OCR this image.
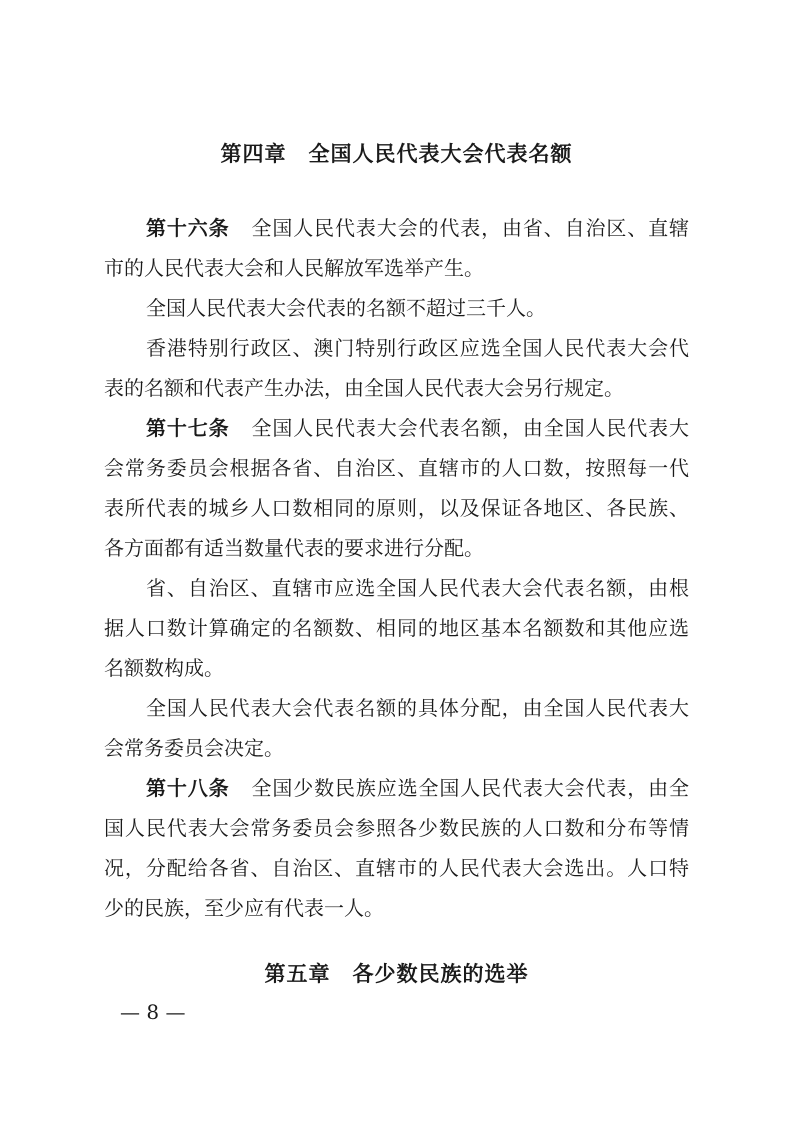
第四章 全国人民代表大会代表名额
第十六条 全国人民代表大会的代表，由省、自治区、直辖
市的人民代表大会和人民解放军选举产生。
全国人民代表大会代表的名额不超过三千人。
香港特别行政区、澳门特别行政区应选全国人民代表大会代
表的名额和代表产生办法，由全国人民代表大会另行规定。
第十七条 全国人民代表大会代表名额，由全国人民代表大
会常务委员会根据各省、自治区、直辖市的人口数，按照每一代
表所代表的城乡人口数相同的原则，以及保证各地区、各民族、
各方面都有适当数量代表的要求进行分配。
省、自治区、直辖市应选全国人民代表大会代表名额，由根
据人口数计算确定的名额数、相同的地区基本名额数和其他应选
名额数构成。
全国人民代表大会代表名额的具体分配，由全国人民代表大
会常务委员会决定。
第十八条 全国少数民族应选全国人民代表大会代表，由全
国人民代表大会常务委员会参照各少数民族的人口数和分布等情
况，分配给各省、自治区、直辖市的人民代表大会选出。人口特
少的民族，至少应有代表一人。
第五章 各少数民族的选举
— 8 —
